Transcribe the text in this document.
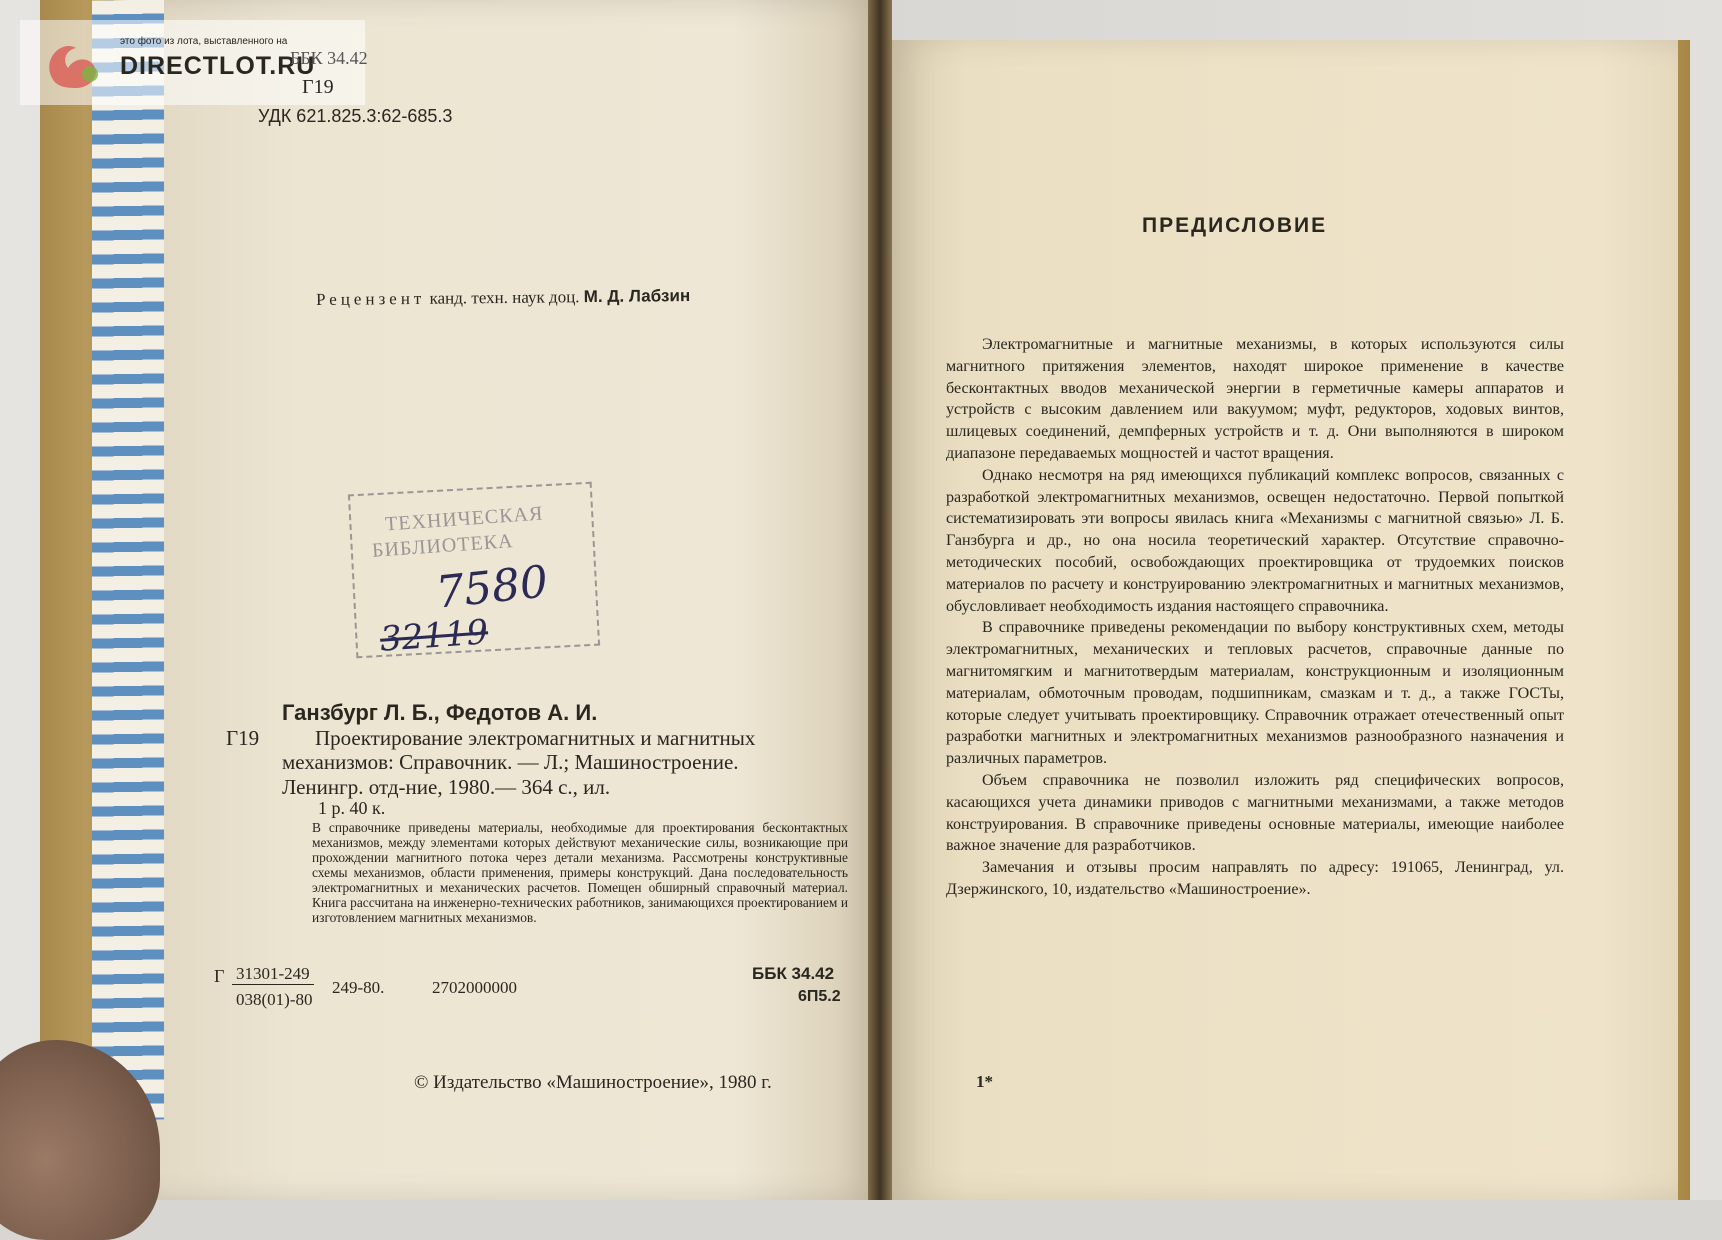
это фото из лота, выставленного на
DIRECTLOT.RU
ББК 34.42
Г19
УДК 621.825.3:62-685.3
Рецензент канд. техн. наук доц. М. Д. Лабзин
ТЕХНИЧЕСКАЯ
БИБЛИОТЕКА
7580
32119
Ганзбург Л. Б., Федотов А. И.
Г19	Проектирование электромагнитных и магнитных
механизмов: Справочник. — Л.; Машиностроение.
Ленингр. отд-ние, 1980.— 364 с., ил.
1 р. 40 к.
В справочнике приведены материалы, необходимые для проектирования бесконтактных механизмов, между элементами которых действуют механические силы, возникающие при прохождении магнитного потока через детали механизма. Рассмотрены конструктивные схемы механизмов, области применения, примеры конструкций. Дана последовательность электромагнитных и механических расчетов. Помещен обширный справочный материал. Книга рассчитана на инженерно-технических работников, занимающихся проектированием и изготовлением магнитных механизмов.
Г 31301-249
038(01)-80
249-80.	2702000000
ББК 34.42
6П5.2
© Издательство «Машиностроение», 1980 г.
ПРЕДИСЛОВИЕ

Электромагнитные и магнитные механизмы, в которых используются силы магнитного притяжения элементов, находят широкое применение в качестве бесконтактных вводов механической энергии в герметичные камеры аппаратов и устройств с высоким давлением или вакуумом; муфт, редукторов, ходовых винтов, шлицевых соединений, демпферных устройств и т. д. Они выполняются в широком диапазоне передаваемых мощностей и частот вращения.

Однако несмотря на ряд имеющихся публикаций комплекс вопросов, связанных с разработкой электромагнитных механизмов, освещен недостаточно. Первой попыткой систематизировать эти вопросы явилась книга «Механизмы с магнитной связью» Л. Б. Ганзбурга и др., но она носила теоретический характер. Отсутствие справочно-методических пособий, освобождающих проектировщика от трудоемких поисков материалов по расчету и конструированию электромагнитных и магнитных механизмов, обусловливает необходимость издания настоящего справочника.

В справочнике приведены рекомендации по выбору конструктивных схем, методы электромагнитных, механических и тепловых расчетов, справочные данные по магнитомягким и магнитотвердым материалам, конструкционным и изоляционным материалам, обмоточным проводам, подшипникам, смазкам и т. д., а также ГОСТы, которые следует учитывать проектировщику. Справочник отражает отечественный опыт разработки магнитных и электромагнитных механизмов разнообразного назначения и различных параметров.

Объем справочника не позволил изложить ряд специфических вопросов, касающихся учета динамики приводов с магнитными механизмами, а также методов конструирования. В справочнике приведены основные материалы, имеющие наиболее важное значение для разработчиков.

Замечания и отзывы просим направлять по адресу: 191065, Ленинград, ул. Дзержинского, 10, издательство «Машиностроение».

1*
